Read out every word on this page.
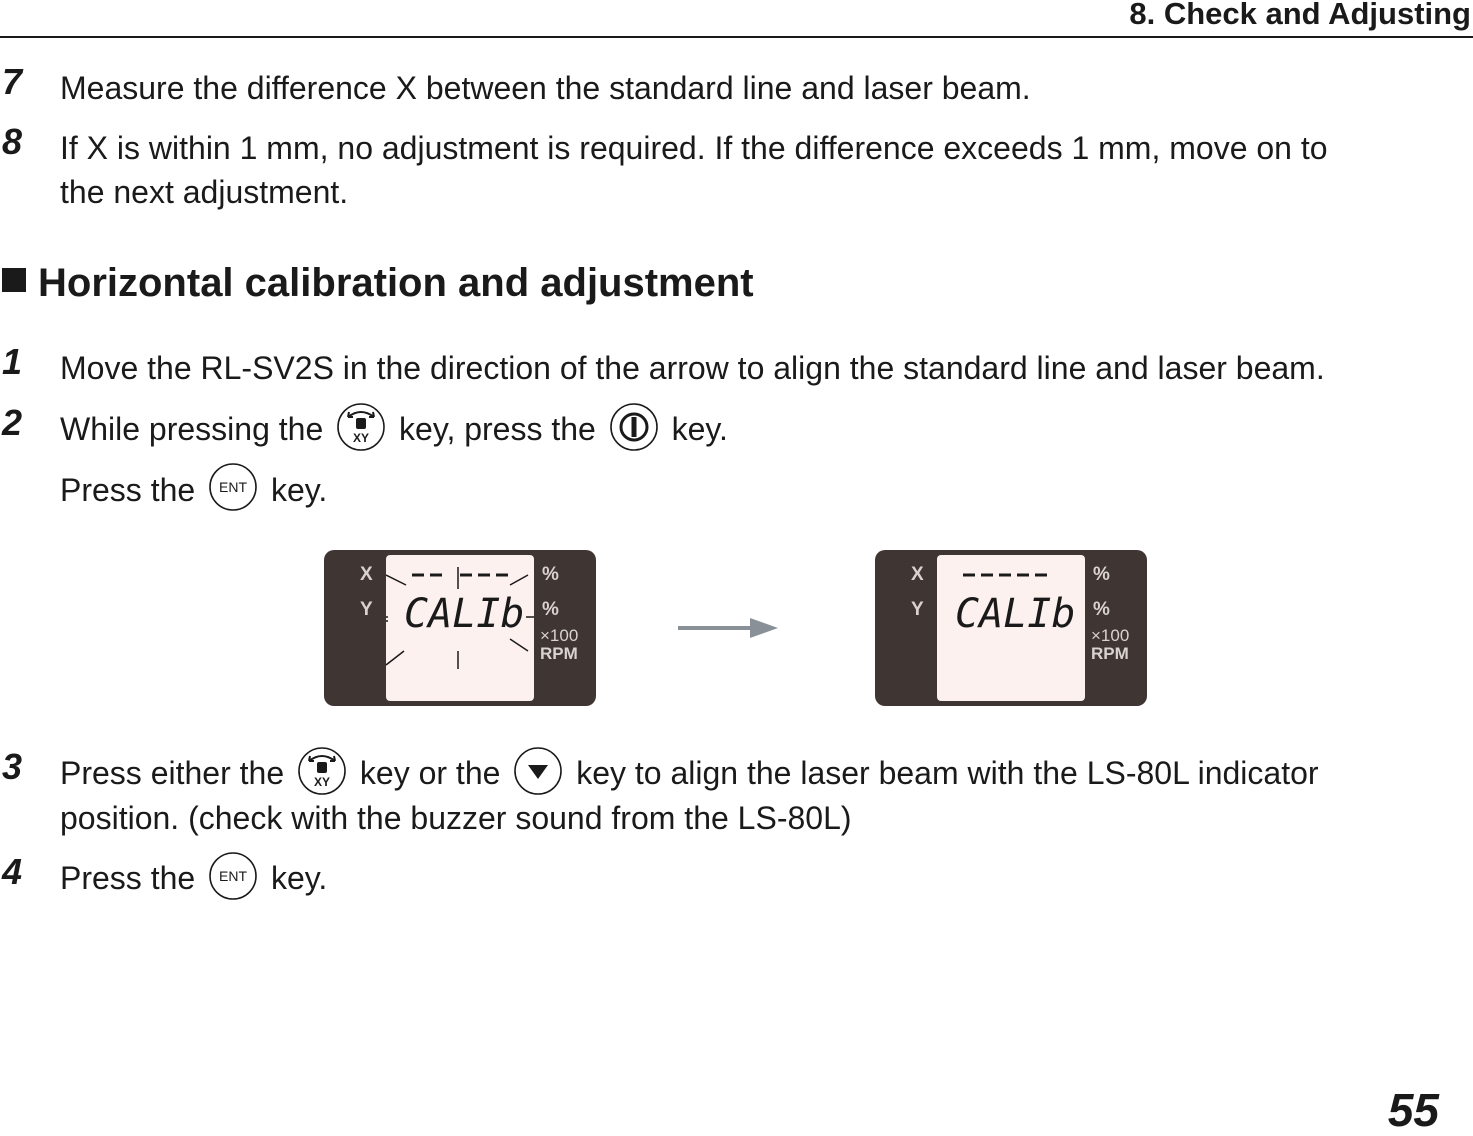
8. Check and Adjusting
7 Measure the difference X between the standard line and laser beam.
8 If X is within 1 mm, no adjustment is required. If the difference exceeds 1 mm, move on to
the next adjustment.
Horizontal calibration and adjustment
1 Move the RL-SV2S in the direction of the arrow to align the standard line and laser beam.
2 While pressing the XY key, press the key.
Press the ENT key.
CALIb
X
Y
%
%
×100
RPM
CALIb
X
Y
%
%
×100
RPM
3 Press either the XY key or the key to align the laser beam with the LS-80L indicator
position. (check with the buzzer sound from the LS-80L)
4 Press the ENT key.
55
